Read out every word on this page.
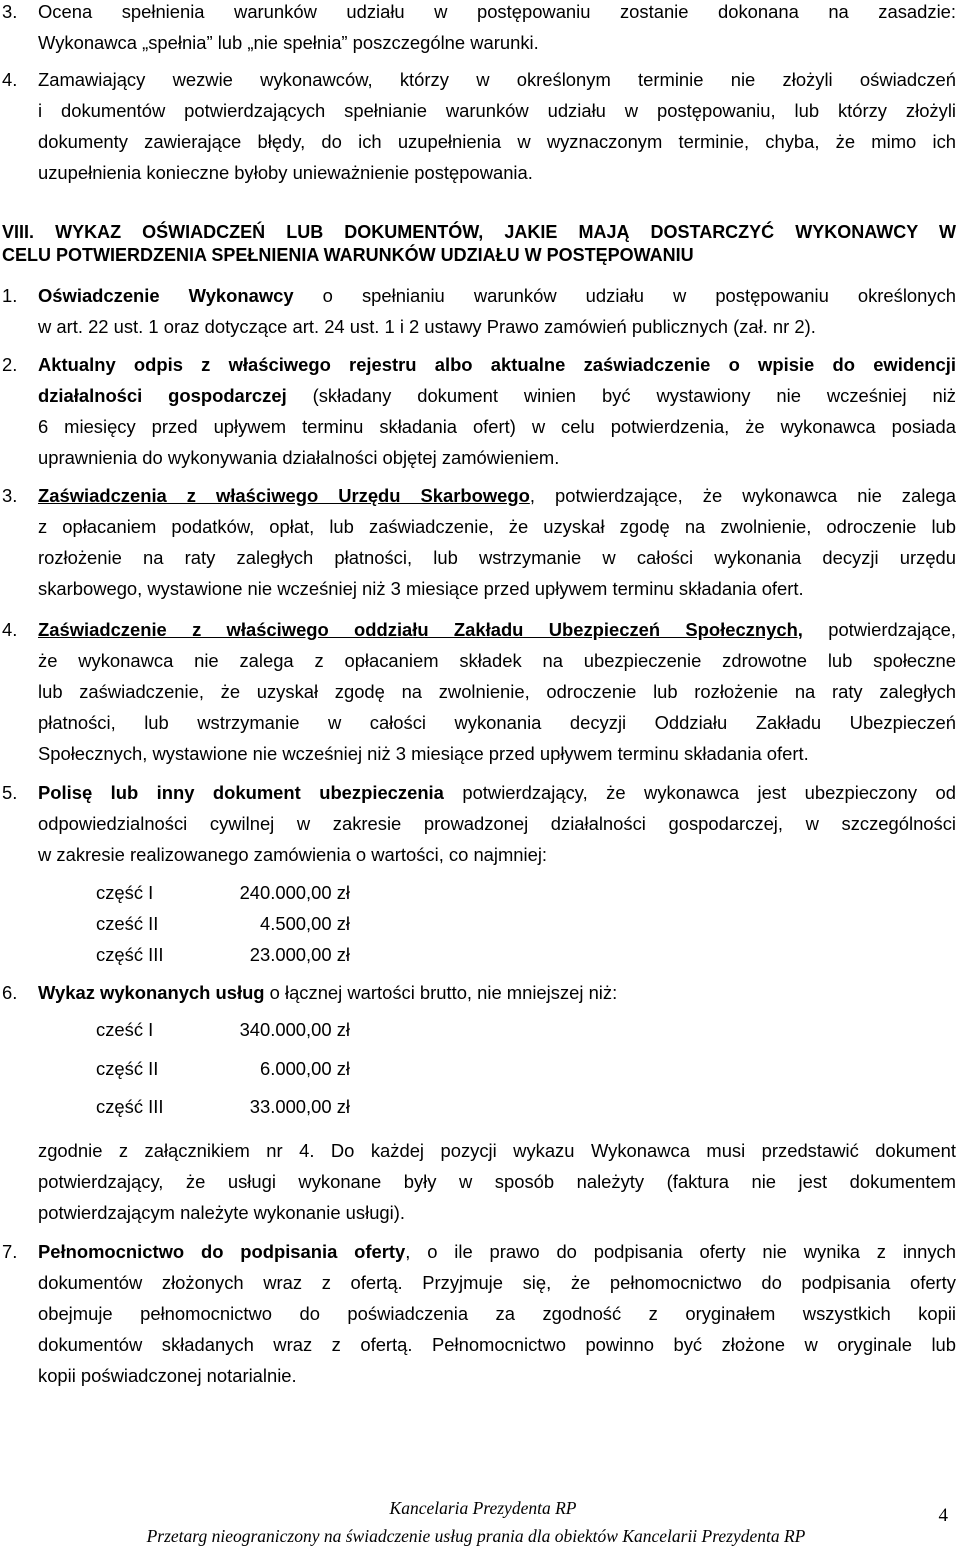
3.	Ocena spełnienia warunków udziału w postępowaniu zostanie dokonana na zasadzie:
Wykonawca „spełnia” lub „nie spełnia” poszczególne warunki.
4.	Zamawiający wezwie wykonawców, którzy w określonym terminie nie złożyli oświadczeń
i dokumentów potwierdzających spełnianie warunków udziału w postępowaniu, lub którzy złożyli
dokumenty zawierające błędy, do ich uzupełnienia w wyznaczonym terminie, chyba, że mimo ich
uzupełnienia konieczne byłoby unieważnienie postępowania.
VIII. WYKAZ OŚWIADCZEŃ LUB DOKUMENTÓW, JAKIE MAJĄ DOSTARCZYĆ WYKONAWCY W
CELU POTWIERDZENIA SPEŁNIENIA WARUNKÓW UDZIAŁU W POSTĘPOWANIU
1.	Oświadczenie Wykonawcy o spełnianiu warunków udziału w postępowaniu określonych
w art. 22 ust. 1 oraz dotyczące art. 24 ust. 1 i 2 ustawy Prawo zamówień publicznych (zał. nr 2).
2.	Aktualny odpis z właściwego rejestru albo aktualne zaświadczenie o wpisie do ewidencji
działalności gospodarczej (składany dokument winien być wystawiony nie wcześniej niż
6 miesięcy przed upływem terminu składania ofert) w celu potwierdzenia, że wykonawca posiada
uprawnienia do wykonywania działalności objętej zamówieniem.
3.	Zaświadczenia z właściwego Urzędu Skarbowego, potwierdzające, że wykonawca nie zalega
z opłacaniem podatków, opłat, lub zaświadczenie, że uzyskał zgodę na zwolnienie, odroczenie lub
rozłożenie na raty zaległych płatności, lub wstrzymanie w całości wykonania decyzji urzędu
skarbowego, wystawione nie wcześniej niż 3 miesiące przed upływem terminu składania ofert.
4.	Zaświadczenie z właściwego oddziału Zakładu Ubezpieczeń Społecznych, potwierdzające,
że wykonawca nie zalega z opłacaniem składek na ubezpieczenie zdrowotne lub społeczne
lub zaświadczenie, że uzyskał zgodę na zwolnienie, odroczenie lub rozłożenie na raty zaległych
płatności, lub wstrzymanie w całości wykonania decyzji Oddziału Zakładu Ubezpieczeń
Społecznych, wystawione nie wcześniej niż 3 miesiące przed upływem terminu składania ofert.
5.	Polisę lub inny dokument ubezpieczenia potwierdzający, że wykonawca jest ubezpieczony od
odpowiedzialności cywilnej w zakresie prowadzonej działalności gospodarczej, w szczególności
w zakresie realizowanego zamówienia o wartości, co najmniej:
część I	240.000,00 zł
cześć II	4.500,00 zł
część III	23.000,00 zł
6.	Wykaz wykonanych usług o łącznej wartości brutto, nie mniejszej niż:
cześć I	340.000,00 zł
część II	6.000,00 zł
część III	33.000,00 zł
zgodnie z załącznikiem nr 4. Do każdej pozycji wykazu Wykonawca musi przedstawić dokument
potwierdzający, że usługi wykonane były w sposób należyty (faktura nie jest dokumentem
potwierdzającym należyte wykonanie usługi).
7.	Pełnomocnictwo do podpisania oferty, o ile prawo do podpisania oferty nie wynika z innych
dokumentów złożonych wraz z ofertą. Przyjmuje się, że pełnomocnictwo do podpisania oferty
obejmuje pełnomocnictwo do poświadczenia za zgodność z oryginałem wszystkich kopii
dokumentów składanych wraz z ofertą. Pełnomocnictwo powinno być złożone w oryginale lub
kopii poświadczonej notarialnie.
Kancelaria Prezydenta RP
Przetarg nieograniczony na świadczenie usług prania dla obiektów Kancelarii Prezydenta RP
4
